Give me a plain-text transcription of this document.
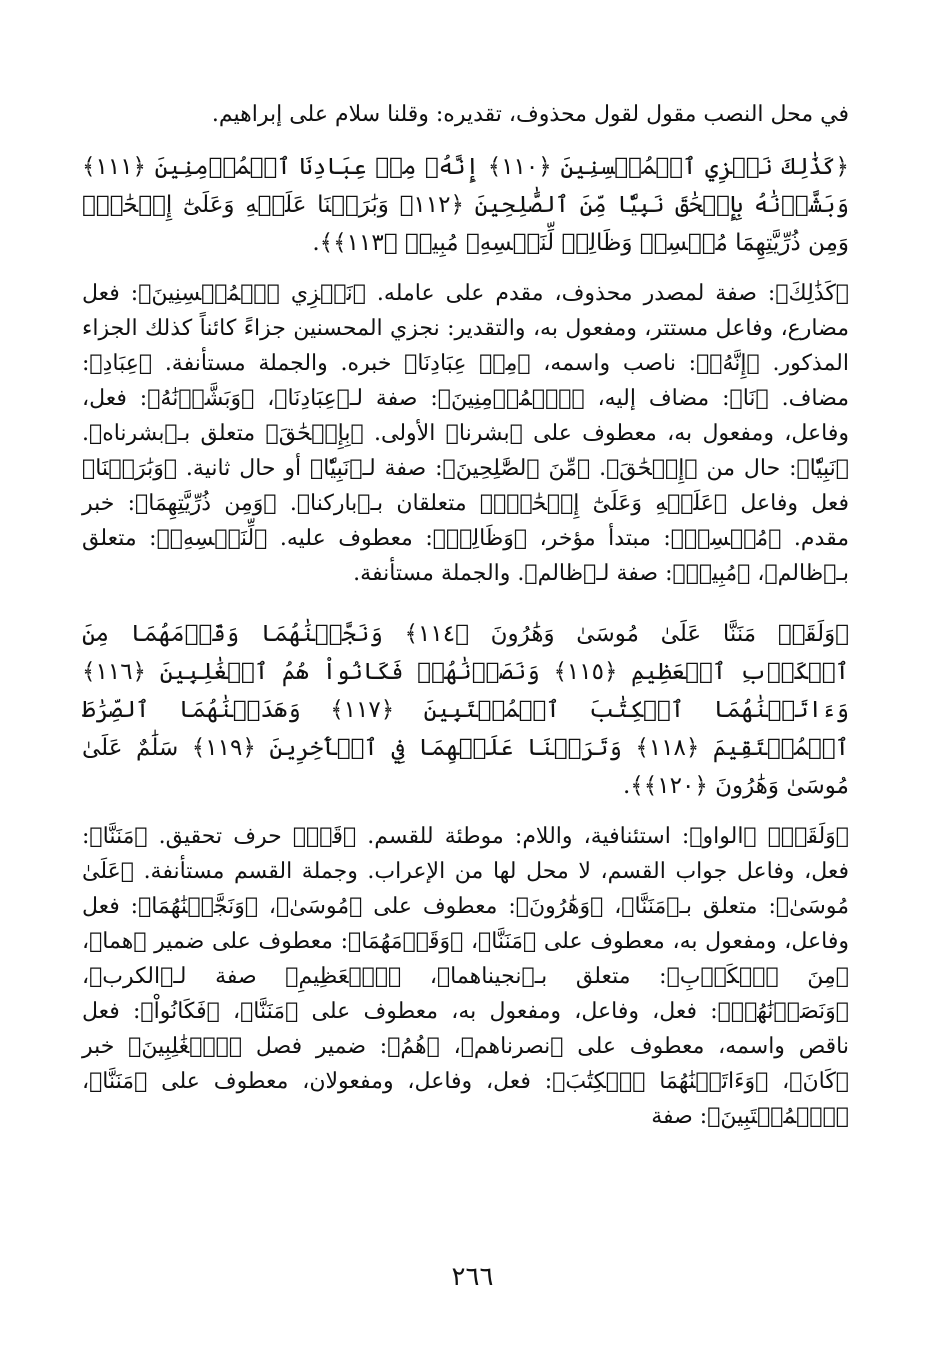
في محل النصب مقول لقول محذوف، تقديره: وقلنا سلام على إبراهيم.

﴿كَذَٰلِكَ نَجۡزِي ٱلۡمُحۡسِنِينَ ﴿١١٠﴾ إِنَّهُۥ مِنۡ عِبَادِنَا ٱلۡمُؤۡمِنِينَ ﴿١١١﴾ وَبَشَّرۡنَٰهُ بِإِسۡحَٰقَ نَبِيّٗا مِّنَ ٱلصَّٰلِحِينَ ﴿١١٢﴾ وَبَٰرَكۡنَا عَلَيۡهِ وَعَلَىٰٓ إِسۡحَٰقَۚ وَمِن ذُرِّيَّتِهِمَا مُحۡسِنٞ وَظَالِمٞ لِّنَفۡسِهِۦ مُبِينٞ ﴿١١٣﴾﴾.

﴿كَذَٰلِكَ﴾: صفة لمصدر محذوف، مقدم على عامله. ﴿نَجۡزِي ٱلۡمُحۡسِنِينَ﴾: فعل مضارع، وفاعل مستتر، ومفعول به، والتقدير: نجزي المحسنين جزاءً كائناً كذلك الجزاء المذكور. ﴿إِنَّهُۥ﴾: ناصب واسمه، ﴿مِنۡ عِبَادِنَا﴾ خبره. والجملة مستأنفة. ﴿عِبَادِ﴾: مضاف. ﴿نَا﴾: مضاف إليه، ﴿ٱلۡمُؤۡمِنِينَ﴾: صفة لـ﴿عِبَادِنَا﴾، ﴿وَبَشَّرۡنَٰهُ﴾: فعل، وفاعل، ومفعول به، معطوف على ﴿بشرنا﴾ الأولى. ﴿بِإِسۡحَٰقَ﴾ متعلق بـ﴿بشرناه﴾. ﴿نَبِيّٗا﴾: حال من ﴿إِسۡحَٰقَ﴾. ﴿مِّنَ ٱلصَّٰلِحِينَ﴾: صفة لـ﴿نَبِيّٗا﴾ أو حال ثانية. ﴿وَبَٰرَكۡنَا﴾ فعل وفاعل ﴿عَلَيۡهِ وَعَلَىٰٓ إِسۡحَٰقَۚ﴾ متعلقان بـ﴿باركنا﴾. ﴿وَمِن ذُرِّيَّتِهِمَا﴾: خبر مقدم. ﴿مُحۡسِنٞ﴾: مبتدأ مؤخر، ﴿وَظَالِمٞ﴾: معطوف عليه. ﴿لِّنَفۡسِهِۦ﴾: متعلق بـ﴿ظالم﴾، ﴿مُبِينٞ﴾: صفة لـ﴿ظالم﴾. والجملة مستأنفة.

﴿وَلَقَدۡ مَنَنَّا عَلَىٰ مُوسَىٰ وَهَٰرُونَ ﴿١١٤﴾ وَنَجَّيۡنَٰهُمَا وَقَوۡمَهُمَا مِنَ ٱلۡكَرۡبِ ٱلۡعَظِيمِ ﴿١١٥﴾ وَنَصَرۡنَٰهُمۡ فَكَانُواْ هُمُ ٱلۡغَٰلِبِينَ ﴿١١٦﴾ وَءَاتَيۡنَٰهُمَا ٱلۡكِتَٰبَ ٱلۡمُسۡتَبِينَ ﴿١١٧﴾ وَهَدَيۡنَٰهُمَا ٱلصِّرَٰطَ ٱلۡمُسۡتَقِيمَ ﴿١١٨﴾ وَتَرَكۡنَا عَلَيۡهِمَا فِي ٱلۡأٓخِرِينَ ﴿١١٩﴾ سَلَٰمٌ عَلَىٰ مُوسَىٰ وَهَٰرُونَ ﴿١٢٠﴾﴾.

﴿وَلَقَدۡ﴾ ﴿الواو﴾: استئنافية، واللام: موطئة للقسم. ﴿قَدۡ﴾ حرف تحقيق. ﴿مَنَنَّا﴾: فعل، وفاعل جواب القسم، لا محل لها من الإعراب. وجملة القسم مستأنفة. ﴿عَلَىٰ مُوسَىٰ﴾: متعلق بـ﴿مَنَنَّا﴾، ﴿وَهَٰرُونَ﴾: معطوف على ﴿مُوسَىٰ﴾، ﴿وَنَجَّيۡنَٰهُمَا﴾: فعل وفاعل، ومفعول به، معطوف على ﴿مَنَنَّا﴾، ﴿وَقَوۡمَهُمَا﴾: معطوف على ضمير ﴿هما﴾، ﴿مِنَ ٱلۡكَرۡبِ﴾: متعلق بـ﴿نجيناهما﴾، ﴿ٱلۡعَظِيمِ﴾ صفة لـ﴿الكرب﴾، ﴿وَنَصَرۡنَٰهُمۡ﴾: فعل، وفاعل، ومفعول به، معطوف على ﴿مَنَنَّا﴾، ﴿فَكَانُواْ﴾: فعل ناقص واسمه، معطوف على ﴿نصرناهم﴾، ﴿هُمُ﴾: ضمير فصل ﴿ٱلۡغَٰلِبِينَ﴾ خبر ﴿كَانَ﴾، ﴿وَءَاتَيۡنَٰهُمَا ٱلۡكِتَٰبَ﴾: فعل، وفاعل، ومفعولان، معطوف على ﴿مَنَنَّا﴾، ﴿ٱلۡمُسۡتَبِينَ﴾: صفة

٢٦٦
